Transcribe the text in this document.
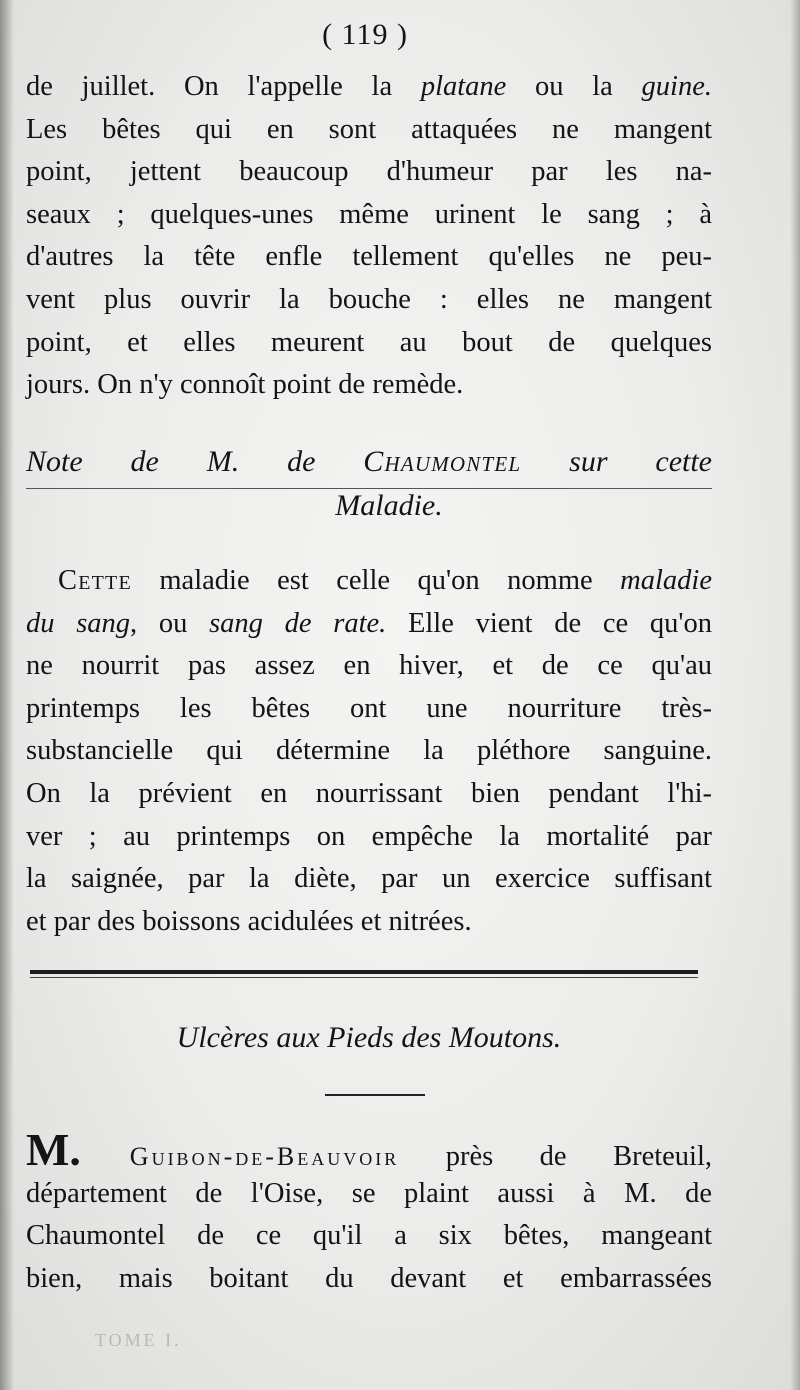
( 119 )
de juillet. On l'appelle la platane ou la guine.
Les bêtes qui en sont attaquées ne mangent
point, jettent beaucoup d'humeur par les na-
seaux ; quelques-unes même urinent le sang ; à
d'autres la tête enfle tellement qu'elles ne peu-
vent plus ouvrir la bouche : elles ne mangent
point, et elles meurent au bout de quelques
jours. On n'y connoît point de remède.
Note de M. de Chaumontel sur cette
Maladie.
Cette maladie est celle qu'on nomme maladie
du sang, ou sang de rate. Elle vient de ce qu'on
ne nourrit pas assez en hiver, et de ce qu'au
printemps les bêtes ont une nourriture très-
substancielle qui détermine la pléthore sanguine.
On la prévient en nourrissant bien pendant l'hi-
ver ; au printemps on empêche la mortalité par
la saignée, par la diète, par un exercice suffisant
et par des boissons acidulées et nitrées.
Ulcères aux Pieds des Moutons.
M. Guibon-de-Beauvoir près de Breteuil,
département de l'Oise, se plaint aussi à M. de
Chaumontel de ce qu'il a six bêtes, mangeant
bien, mais boitant du devant et embarrassées
TOME I.
